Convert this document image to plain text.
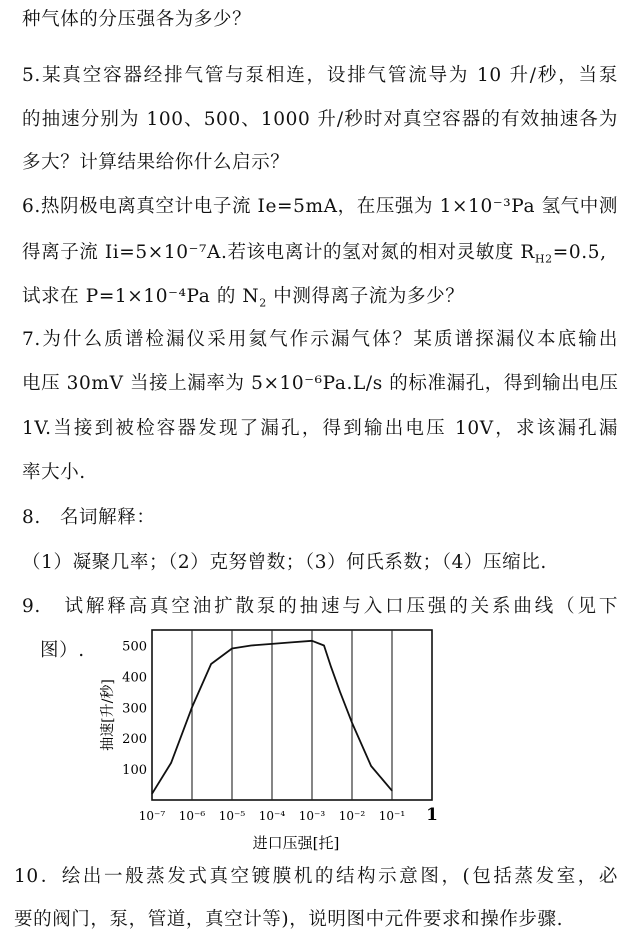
种气体的分压强各为多少？
5.某真空容器经排气管与泵相连，设排气管流导为 10 升/秒，当泵
的抽速分别为 100、500、1000 升/秒时对真空容器的有效抽速各为
多大？计算结果给你什么启示？
6.热阴极电离真空计电子流 Ie=5mA，在压强为 1×10⁻³Pa 氢气中测
得离子流 Ii=5×10⁻⁷A.若该电离计的氢对氮的相对灵敏度 $R_{H2}=0.5$,
试求在 P=1×10⁻⁴Pa 的 $N_2$ 中测得离子流为多少？
7.为什么质谱检漏仪采用氦气作示漏气体？某质谱探漏仪本底输出
电压 30mV 当接上漏率为 5×10⁻⁶Pa.L/s 的标准漏孔，得到输出电压
1V.当接到被检容器发现了漏孔，得到输出电压 10V，求该漏孔漏
率大小.
8.　名词解释：
（1）凝聚几率；（2）克努曾数；（3）何氏系数；（4）压缩比.
9.　试解释高真空油扩散泵的抽速与入口压强的关系曲线（见下
图）.
10⁻⁷ 10⁻⁶ 10⁻⁵ 10⁻⁴ 10⁻³ 10⁻² 10⁻¹ 1
100
200
300
400
500
进口压强[托]
抽速[升/秒]
10．绘出一般蒸发式真空镀膜机的结构示意图，(包括蒸发室，必
要的阀门，泵，管道，真空计等)，说明图中元件要求和操作步骤.
